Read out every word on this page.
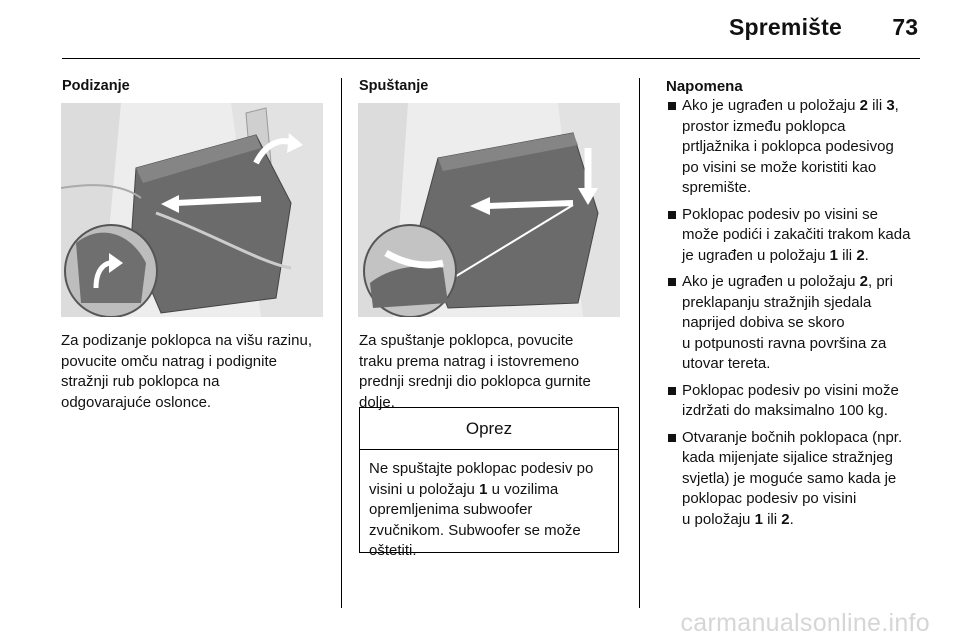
Spremište 73
Podizanje
Za podizanje poklopca na višu razinu,
povucite omču natrag i podignite
stražnji rub poklopca na
odgovarajuće oslonce.
Spuštanje
Za spuštanje poklopca, povucite
traku prema natrag i istovremeno
prednji srednji dio poklopca gurnite
dolje.
Oprez
Ne spuštajte poklopac podesiv po
visini u položaju 1 u vozilima
opremljenima subwoofer
zvučnikom. Subwoofer se može
oštetiti.
Napomena
Ako je ugrađen u položaju 2 ili 3,
prostor između poklopca
prtljažnika i poklopca podesivog
po visini se može koristiti kao
spremište.
Poklopac podesiv po visini se
može podići i zakačiti trakom kada
je ugrađen u položaju 1 ili 2.
Ako je ugrađen u položaju 2, pri
preklapanju stražnjih sjedala
naprijed dobiva se skoro
u potpunosti ravna površina za
utovar tereta.
Poklopac podesiv po visini može
izdržati do maksimalno 100 kg.
Otvaranje bočnih poklopaca (npr.
kada mijenjate sijalice stražnjeg
svjetla) je moguće samo kada je
poklopac podesiv po visini
u položaju 1 ili 2.
carmanualsonline.info
